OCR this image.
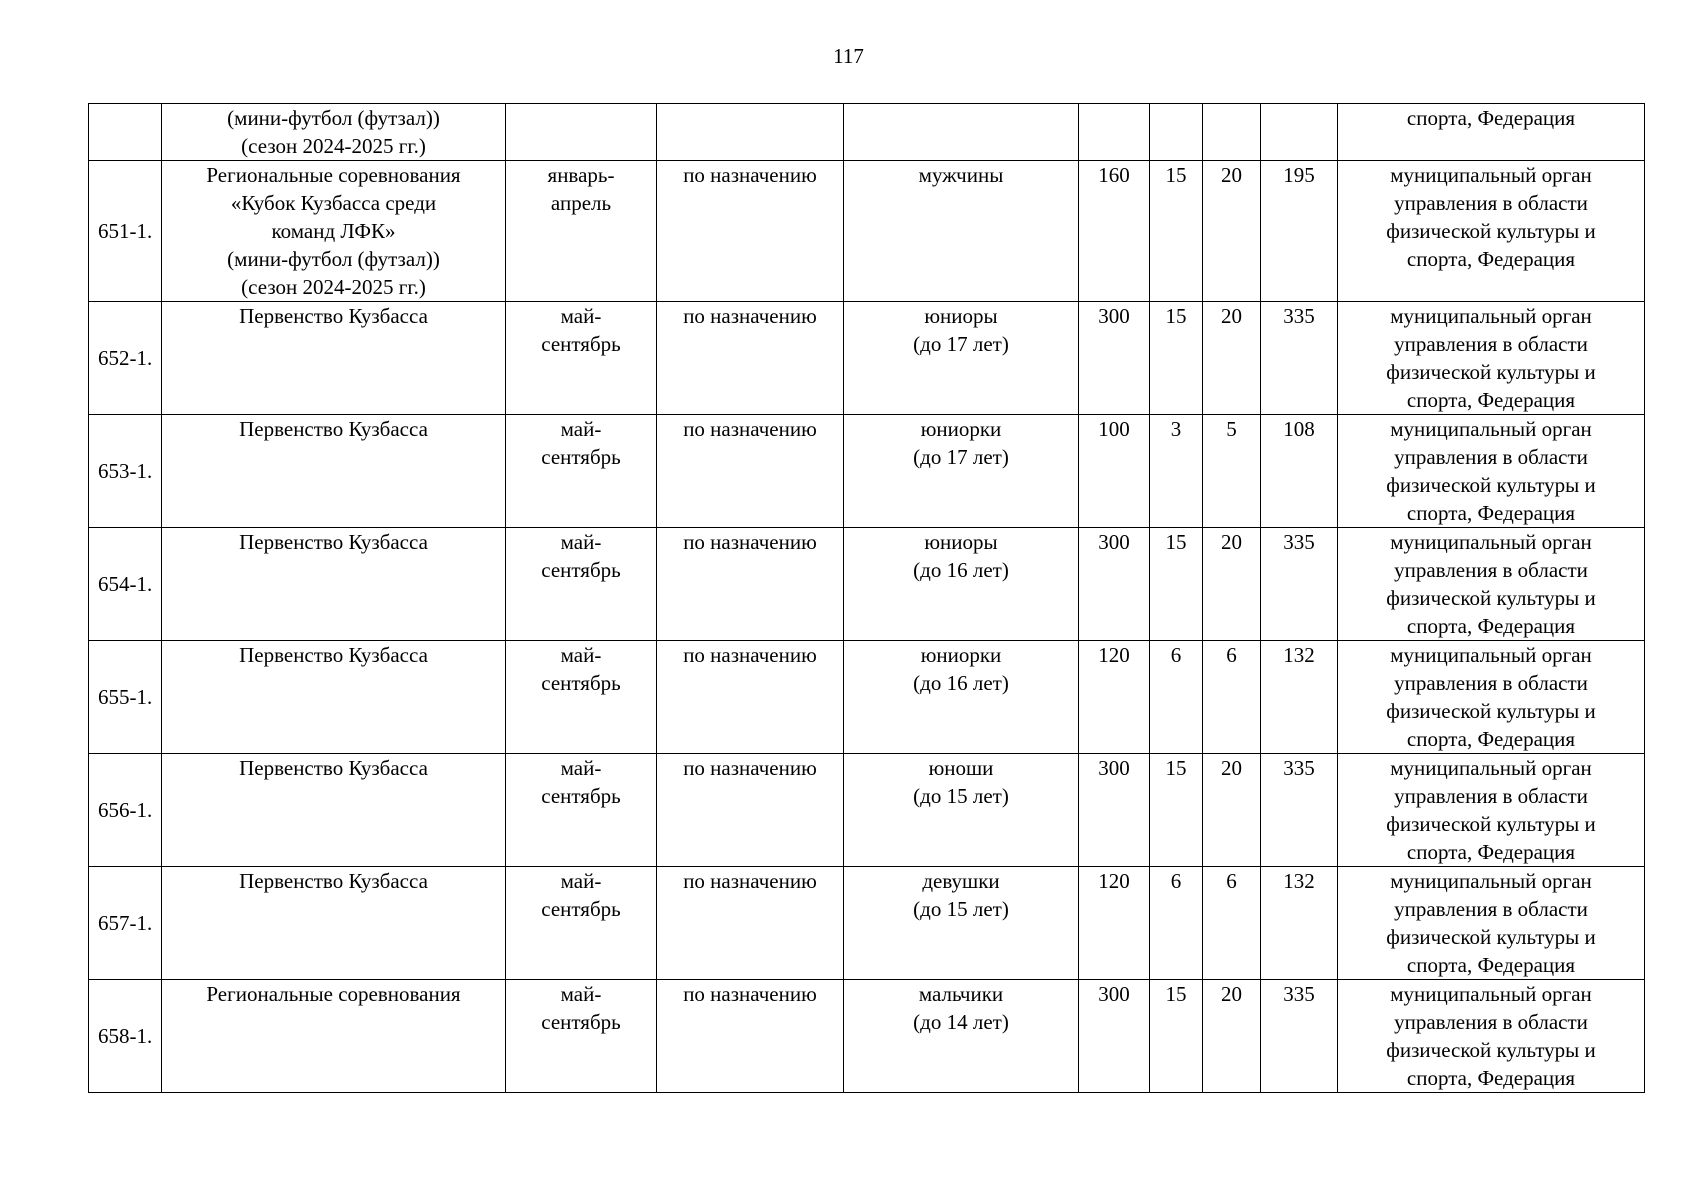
117

	(мини-футбол (футзал))
(сезон 2024-2025 гг.)								спорта, Федерация

651-1.	Региональные соревнования
«Кубок Кузбасса среди
команд ЛФК»
(мини-футбол (футзал))
(сезон 2024-2025 гг.)	январь-
апрель	по назначению	мужчины	160	15	20	195	муниципальный орган
управления в области
физической культуры и
спорта, Федерация

652-1.	Первенство Кузбасса	май-
сентябрь	по назначению	юниоры
(до 17 лет)	300	15	20	335	муниципальный орган
управления в области
физической культуры и
спорта, Федерация

653-1.	Первенство Кузбасса	май-
сентябрь	по назначению	юниорки
(до 17 лет)	100	3	5	108	муниципальный орган
управления в области
физической культуры и
спорта, Федерация

654-1.	Первенство Кузбасса	май-
сентябрь	по назначению	юниоры
(до 16 лет)	300	15	20	335	муниципальный орган
управления в области
физической культуры и
спорта, Федерация

655-1.	Первенство Кузбасса	май-
сентябрь	по назначению	юниорки
(до 16 лет)	120	6	6	132	муниципальный орган
управления в области
физической культуры и
спорта, Федерация

656-1.	Первенство Кузбасса	май-
сентябрь	по назначению	юноши
(до 15 лет)	300	15	20	335	муниципальный орган
управления в области
физической культуры и
спорта, Федерация

657-1.	Первенство Кузбасса	май-
сентябрь	по назначению	девушки
(до 15 лет)	120	6	6	132	муниципальный орган
управления в области
физической культуры и
спорта, Федерация

658-1.	Региональные соревнования	май-
сентябрь	по назначению	мальчики
(до 14 лет)	300	15	20	335	муниципальный орган
управления в области
физической культуры и
спорта, Федерация
